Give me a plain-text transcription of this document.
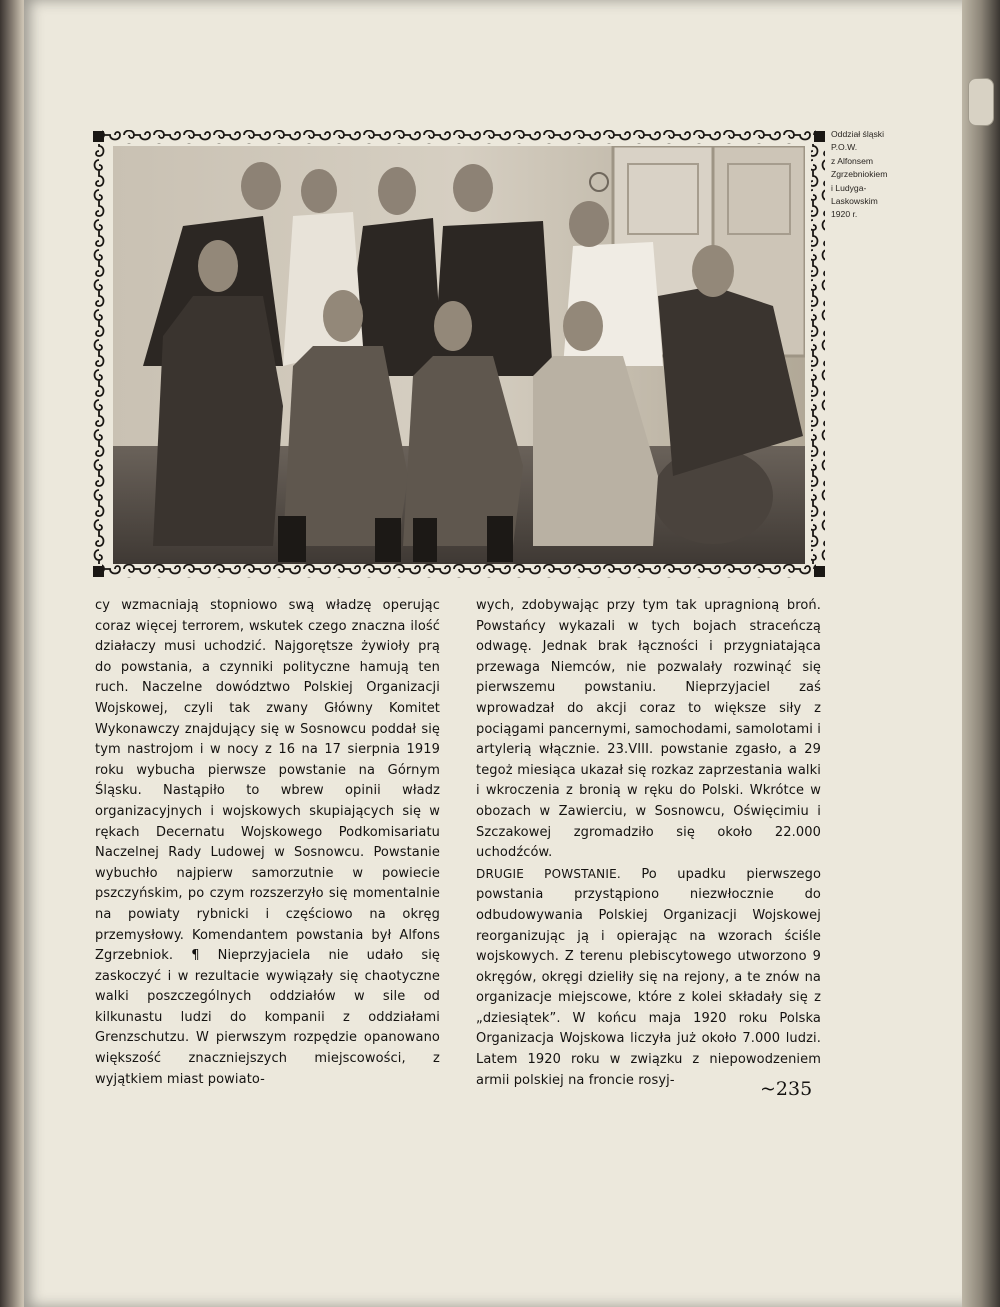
Oddział śląski
P.O.W.
z Alfonsem
Zgrzebniokiem
i Ludyga-
Laskowskim
1920 r.

cy wzmacniają stopniowo swą władzę operując coraz więcej terrorem, wskutek czego znaczna ilość działaczy musi uchodzić. Najgorętsze żywioły prą do powstania, a czynniki polityczne hamują ten ruch. Naczelne dowództwo Polskiej Organizacji Wojskowej, czyli tak zwany Główny Komitet Wykonawczy znajdujący się w Sosnowcu poddał się tym nastrojom i w nocy z 16 na 17 sierpnia 1919 roku wybucha pierwsze powstanie na Górnym Śląsku. Nastąpiło to wbrew opinii władz organizacyjnych i wojskowych skupiających się w rękach Decernatu Wojskowego Podkomisariatu Naczelnej Rady Ludowej w Sosnowcu. Powstanie wybuchło najpierw samorzutnie w powiecie pszczyńskim, po czym rozszerzyło się momentalnie na powiaty rybnicki i częściowo na okręg przemysłowy. Komendantem powstania był Alfons Zgrzebniok. ¶ Nieprzyjaciela nie udało się zaskoczyć i w rezultacie wywiązały się chaotyczne walki poszczególnych oddziałów w sile od kilkunastu ludzi do kompanii z oddziałami Grenzschutzu. W pierwszym rozpędzie opanowano większość znaczniejszych miejscowości, z wyjątkiem miast powiato-

wych, zdobywając przy tym tak upragnioną broń. Powstańcy wykazali w tych bojach straceńczą odwagę. Jednak brak łączności i przygniatająca przewaga Niemców, nie pozwalały rozwinąć się pierwszemu powstaniu. Nieprzyjaciel zaś wprowadzał do akcji coraz to większe siły z pociągami pancernymi, samochodami, samolotami i artylerią włącznie. 23.VIII. powstanie zgasło, a 29 tegoż miesiąca ukazał się rozkaz zaprzestania walki i wkroczenia z bronią w ręku do Polski. Wkrótce w obozach w Zawierciu, w Sosnowcu, Oświęcimiu i Szczakowej zgromadziło się około 22.000 uchodźców.

DRUGIE POWSTANIE. Po upadku pierwszego powstania przystąpiono niezwłocznie do odbudowywania Polskiej Organizacji Wojskowej reorganizując ją i opierając na wzorach ściśle wojskowych. Z terenu plebiscytowego utworzono 9 okręgów, okręgi dzieliły się na rejony, a te znów na organizacje miejscowe, które z kolei składały się z „dziesiątek”. W końcu maja 1920 roku Polska Organizacja Wojskowa liczyła już około 7.000 ludzi. Latem 1920 roku w związku z niepowodzeniem armii polskiej na froncie rosyj-	~235
